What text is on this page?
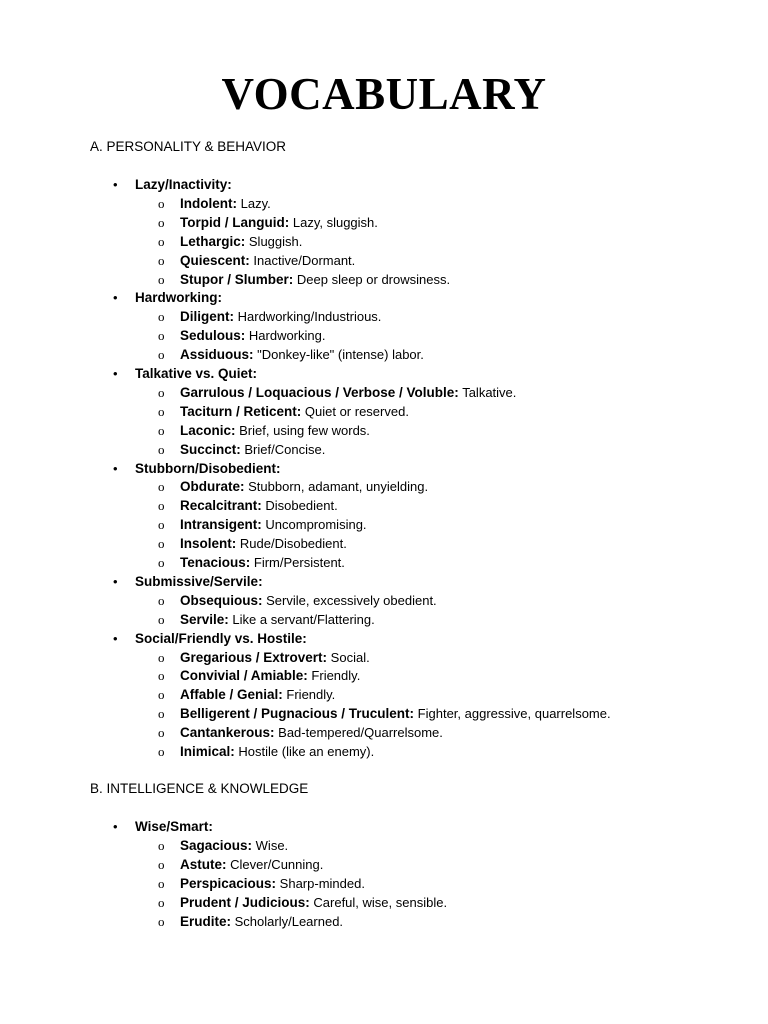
VOCABULARY
A. PERSONALITY & BEHAVIOR
• Lazy/Inactivity:
o Indolent: Lazy.
o Torpid / Languid: Lazy, sluggish.
o Lethargic: Sluggish.
o Quiescent: Inactive/Dormant.
o Stupor / Slumber: Deep sleep or drowsiness.
• Hardworking:
o Diligent: Hardworking/Industrious.
o Sedulous: Hardworking.
o Assiduous: "Donkey-like" (intense) labor.
• Talkative vs. Quiet:
o Garrulous / Loquacious / Verbose / Voluble: Talkative.
o Taciturn / Reticent: Quiet or reserved.
o Laconic: Brief, using few words.
o Succinct: Brief/Concise.
• Stubborn/Disobedient:
o Obdurate: Stubborn, adamant, unyielding.
o Recalcitrant: Disobedient.
o Intransigent: Uncompromising.
o Insolent: Rude/Disobedient.
o Tenacious: Firm/Persistent.
• Submissive/Servile:
o Obsequious: Servile, excessively obedient.
o Servile: Like a servant/Flattering.
• Social/Friendly vs. Hostile:
o Gregarious / Extrovert: Social.
o Convivial / Amiable: Friendly.
o Affable / Genial: Friendly.
o Belligerent / Pugnacious / Truculent: Fighter, aggressive, quarrelsome.
o Cantankerous: Bad-tempered/Quarrelsome.
o Inimical: Hostile (like an enemy).
B. INTELLIGENCE & KNOWLEDGE
• Wise/Smart:
o Sagacious: Wise.
o Astute: Clever/Cunning.
o Perspicacious: Sharp-minded.
o Prudent / Judicious: Careful, wise, sensible.
o Erudite: Scholarly/Learned.
